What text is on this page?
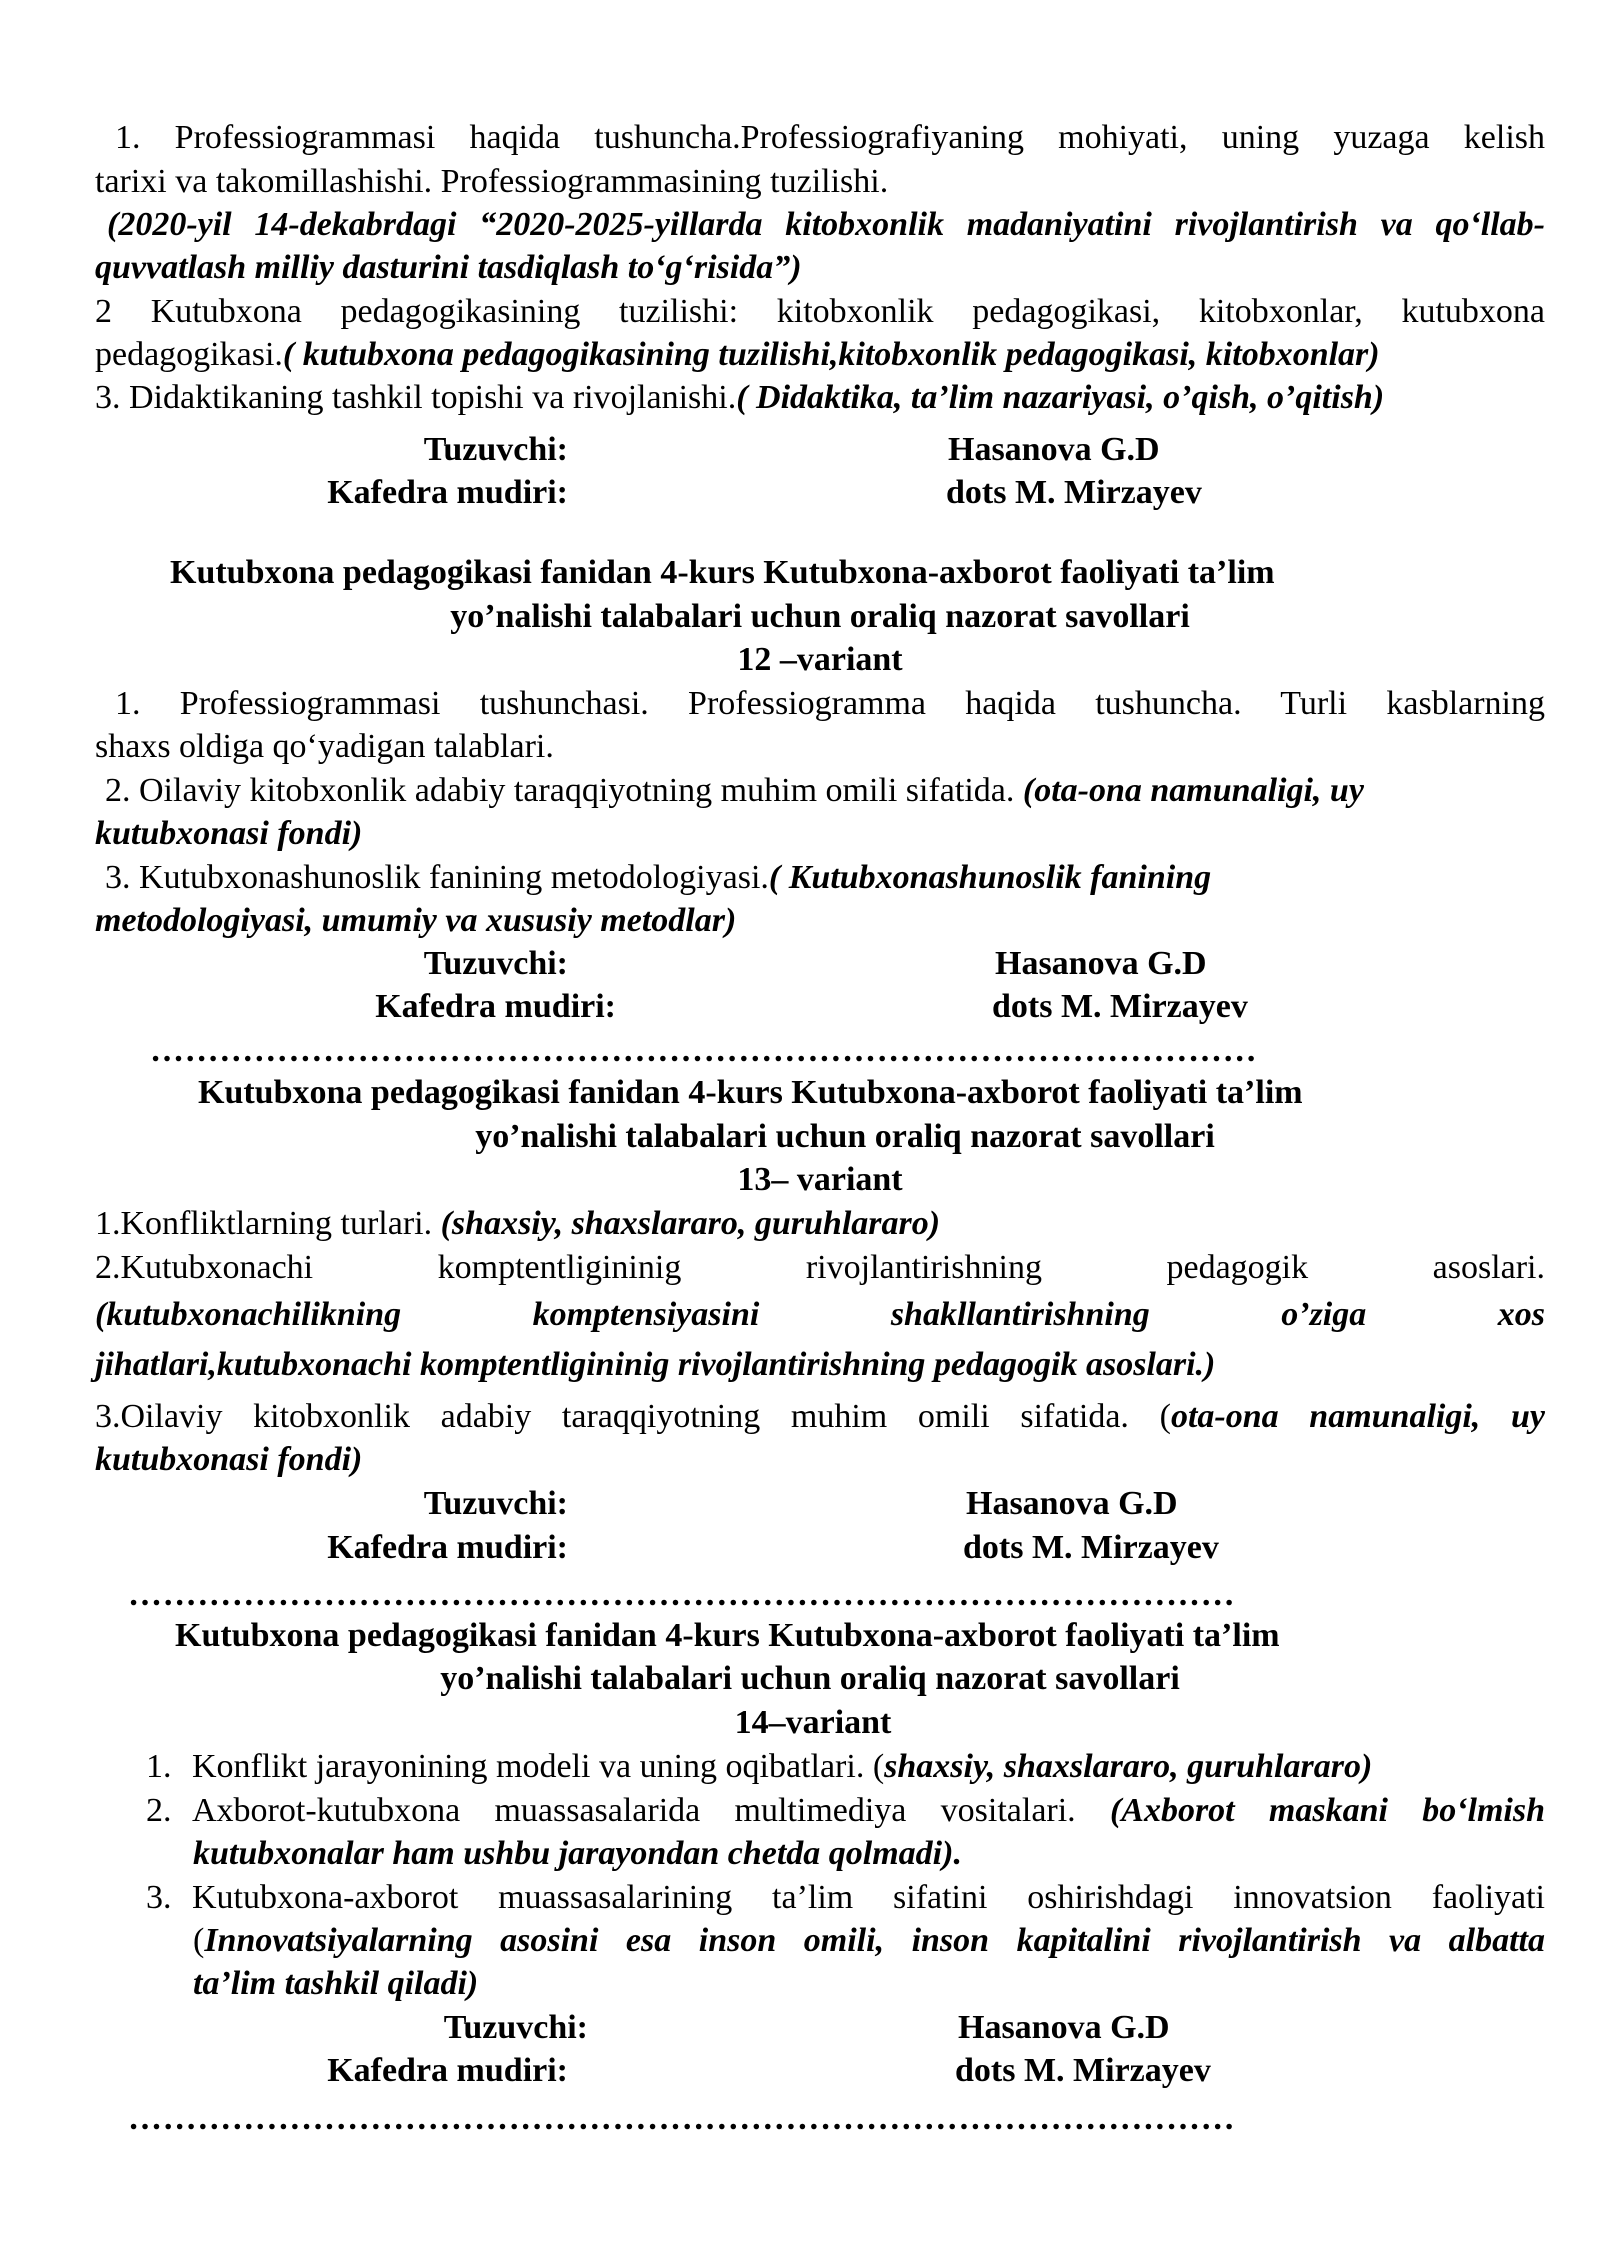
1. Professiogrammasi haqida tushuncha.Professiografiyaning mohiyati, uning yuzaga kelish
tarixi va takomillashishi. Professiogrammasining tuzilishi.
(2020-yil 14-dekabrdagi “2020-2025-yillarda kitobxonlik madaniyatini rivojlantirish va qo‘llab-
quvvatlash milliy dasturini tasdiqlash to‘g‘risida”)
2 Kutubxona pedagogikasining tuzilishi: kitobxonlik pedagogikasi, kitobxonlar, kutubxona
pedagogikasi.( kutubxona pedagogikasining tuzilishi,kitobxonlik pedagogikasi, kitobxonlar)
3. Didaktikaning tashkil topishi va rivojlanishi.( Didaktika, ta’lim nazariyasi, o’qish, o’qitish)
Tuzuvchi:	Hasanova G.D
Kafedra mudiri:	dots M. Mirzayev
Kutubxona pedagogikasi fanidan 4-kurs Kutubxona-axborot faoliyati ta’lim
yo’nalishi talabalari uchun oraliq nazorat savollari
12 –variant
1. Professiogrammasi tushunchasi. Professiogramma haqida tushuncha. Turli kasblarning
shaxs oldiga qo‘yadigan talablari.
2. Oilaviy kitobxonlik adabiy taraqqiyotning muhim omili sifatida. (ota-ona namunaligi, uy
kutubxonasi fondi)
3. Kutubxonashunoslik fanining metodologiyasi.( Kutubxonashunoslik fanining
metodologiyasi, umumiy va xususiy metodlar)
Tuzuvchi:	Hasanova G.D
Kafedra mudiri:	dots M. Mirzayev
……………………………………………………………………………………
Kutubxona pedagogikasi fanidan 4-kurs Kutubxona-axborot faoliyati ta’lim
yo’nalishi talabalari uchun oraliq nazorat savollari
13– variant
1.Konfliktlarning turlari. (shaxsiy, shaxslararo, guruhlararo)
2.Kutubxonachi komptentligininig rivojlantirishning pedagogik asoslari.
(kutubxonachilikning komptensiyasini shakllantirishning o’ziga xos
jihatlari,kutubxonachi komptentligininig rivojlantirishning pedagogik asoslari.)
3.Oilaviy kitobxonlik adabiy taraqqiyotning muhim omili sifatida. (ota-ona namunaligi, uy
kutubxonasi fondi)
Tuzuvchi:	Hasanova G.D
Kafedra mudiri:	dots M. Mirzayev
……………………………………………………………………………………
Kutubxona pedagogikasi fanidan 4-kurs Kutubxona-axborot faoliyati ta’lim
yo’nalishi talabalari uchun oraliq nazorat savollari
14–variant
1. Konflikt jarayonining modeli va uning oqibatlari. (shaxsiy, shaxslararo, guruhlararo)
2. Axborot-kutubxona muassasalarida multimediya vositalari. (Axborot maskani bo‘lmish
kutubxonalar ham ushbu jarayondan chetda qolmadi).
3. Kutubxona-axborot muassasalarining ta’lim sifatini oshirishdagi innovatsion faoliyati
(Innovatsiyalarning asosini esa inson omili, inson kapitalini rivojlantirish va albatta
ta’lim tashkil qiladi)
Tuzuvchi:	Hasanova G.D
Kafedra mudiri:	dots M. Mirzayev
……………………………………………………………………………………
